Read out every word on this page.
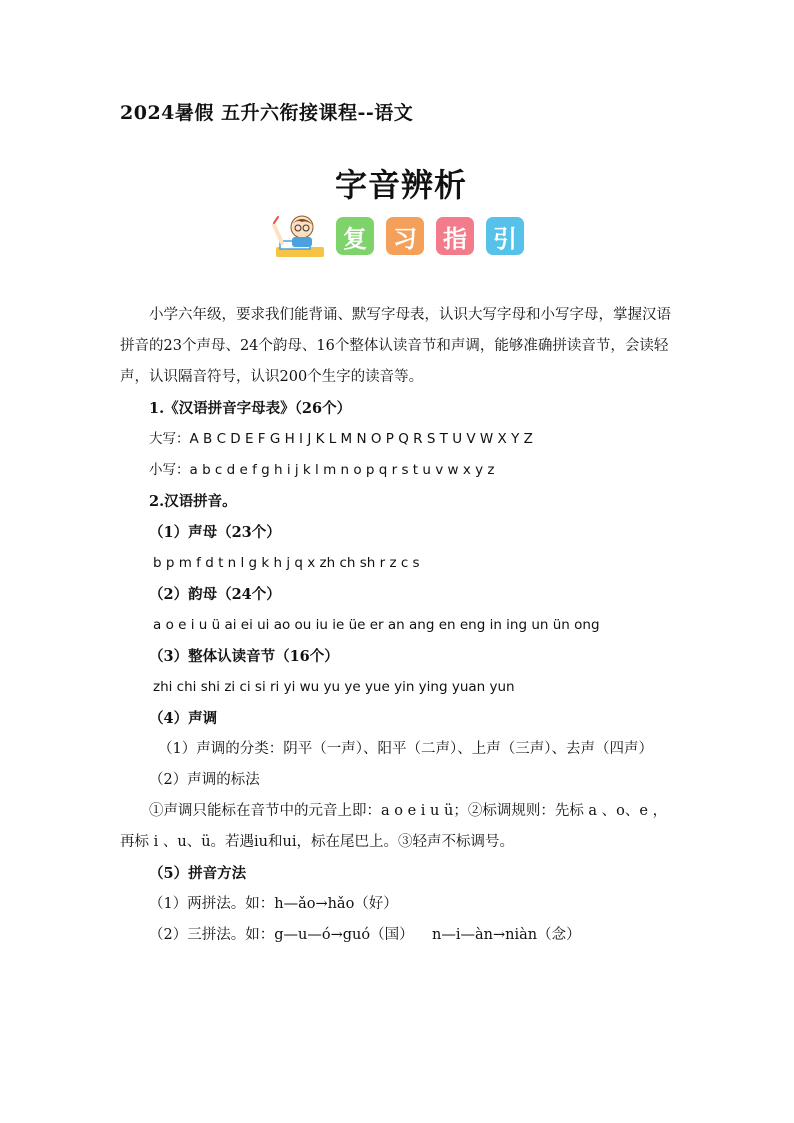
2024暑假 五升六衔接课程--语文
字音辨析
复 习 指 引

小学六年级，要求我们能背诵、默写字母表，认识大写字母和小写字母，掌握汉语拼音的23个声母、24个韵母、16个整体认读音节和声调，能够准确拼读音节，会读轻声，认识隔音符号，认识200个生字的读音等。

1.《汉语拼音字母表》（26个）

大写：A B C D E F G H I J K L M N O P Q R S T U V W X Y Z

小写：a b c d e f g h i j k l m n o p q r s t u v w x y z

2.汉语拼音。

（1）声母（23个）

b p m f d t n l g k h j q x zh ch sh r z c s

（2）韵母（24个）

a o e i u ü ai ei ui ao ou iu ie üe er an ang en eng in ing un ün ong

（3）整体认读音节（16个）

zhi chi shi zi ci si ri yi wu yu ye yue yin ying yuan yun

（4）声调

（1）声调的分类：阴平（一声）、阳平（二声）、上声（三声）、去声（四声）

（2）声调的标法

①声调只能标在音节中的元音上即：a o e i u ü；②标调规则：先标 a 、o、e ，再标 i 、u、ü。若遇iu和ui，标在尾巴上。③轻声不标调号。

（5）拼音方法

（1）两拼法。如：h—ǎo→hǎo（好）

（2）三拼法。如：g—u—ó→guó（国）    n—i—àn→niàn（念）
